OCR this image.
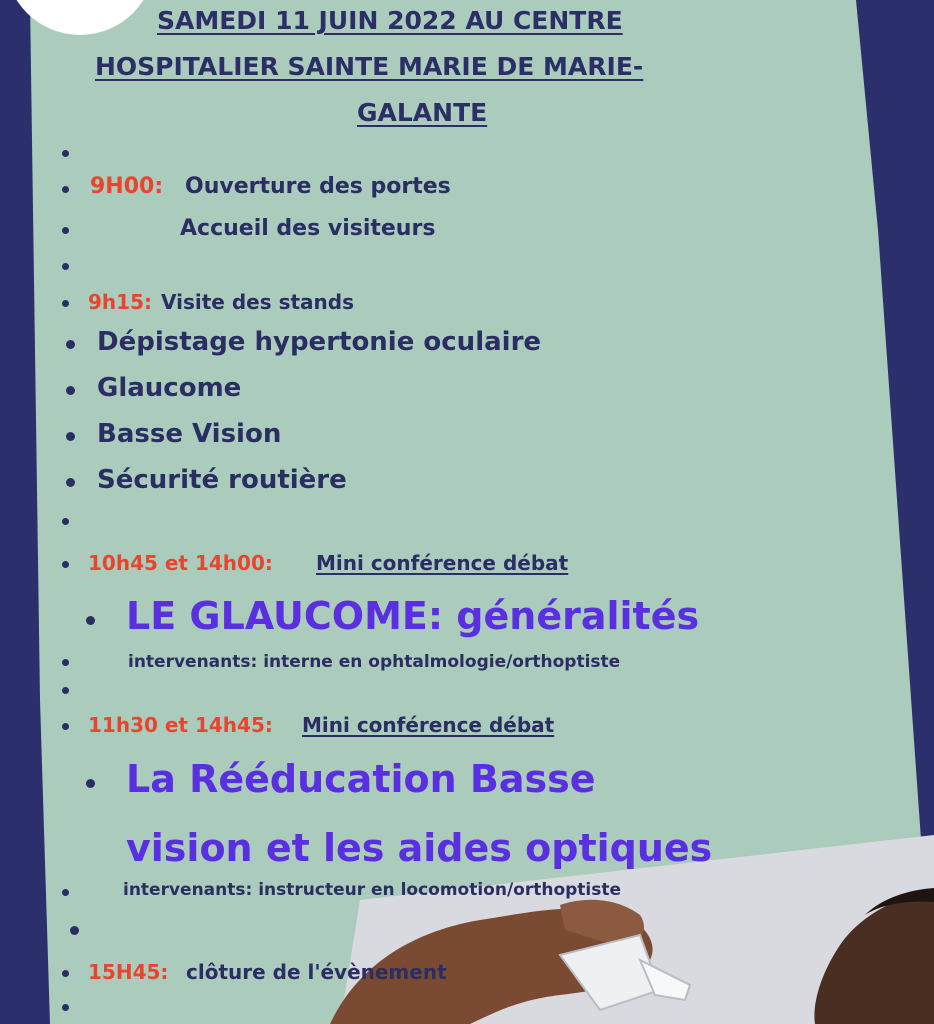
SAMEDI 11 JUIN 2022 AU CENTRE
HOSPITALIER SAINTE MARIE DE MARIE-
GALANTE
9H00: Ouverture des portes
Accueil des visiteurs
9h15: Visite des stands
Dépistage hypertonie oculaire
Glaucome
Basse Vision
Sécurité routière
10h45 et 14h00: Mini conférence débat
LE GLAUCOME: généralités
intervenants: interne en ophtalmologie/orthoptiste
11h30 et 14h45: Mini conférence débat
La Rééducation Basse
vision et les aides optiques
intervenants: instructeur en locomotion/orthoptiste
15H45: clôture de l'évènement
